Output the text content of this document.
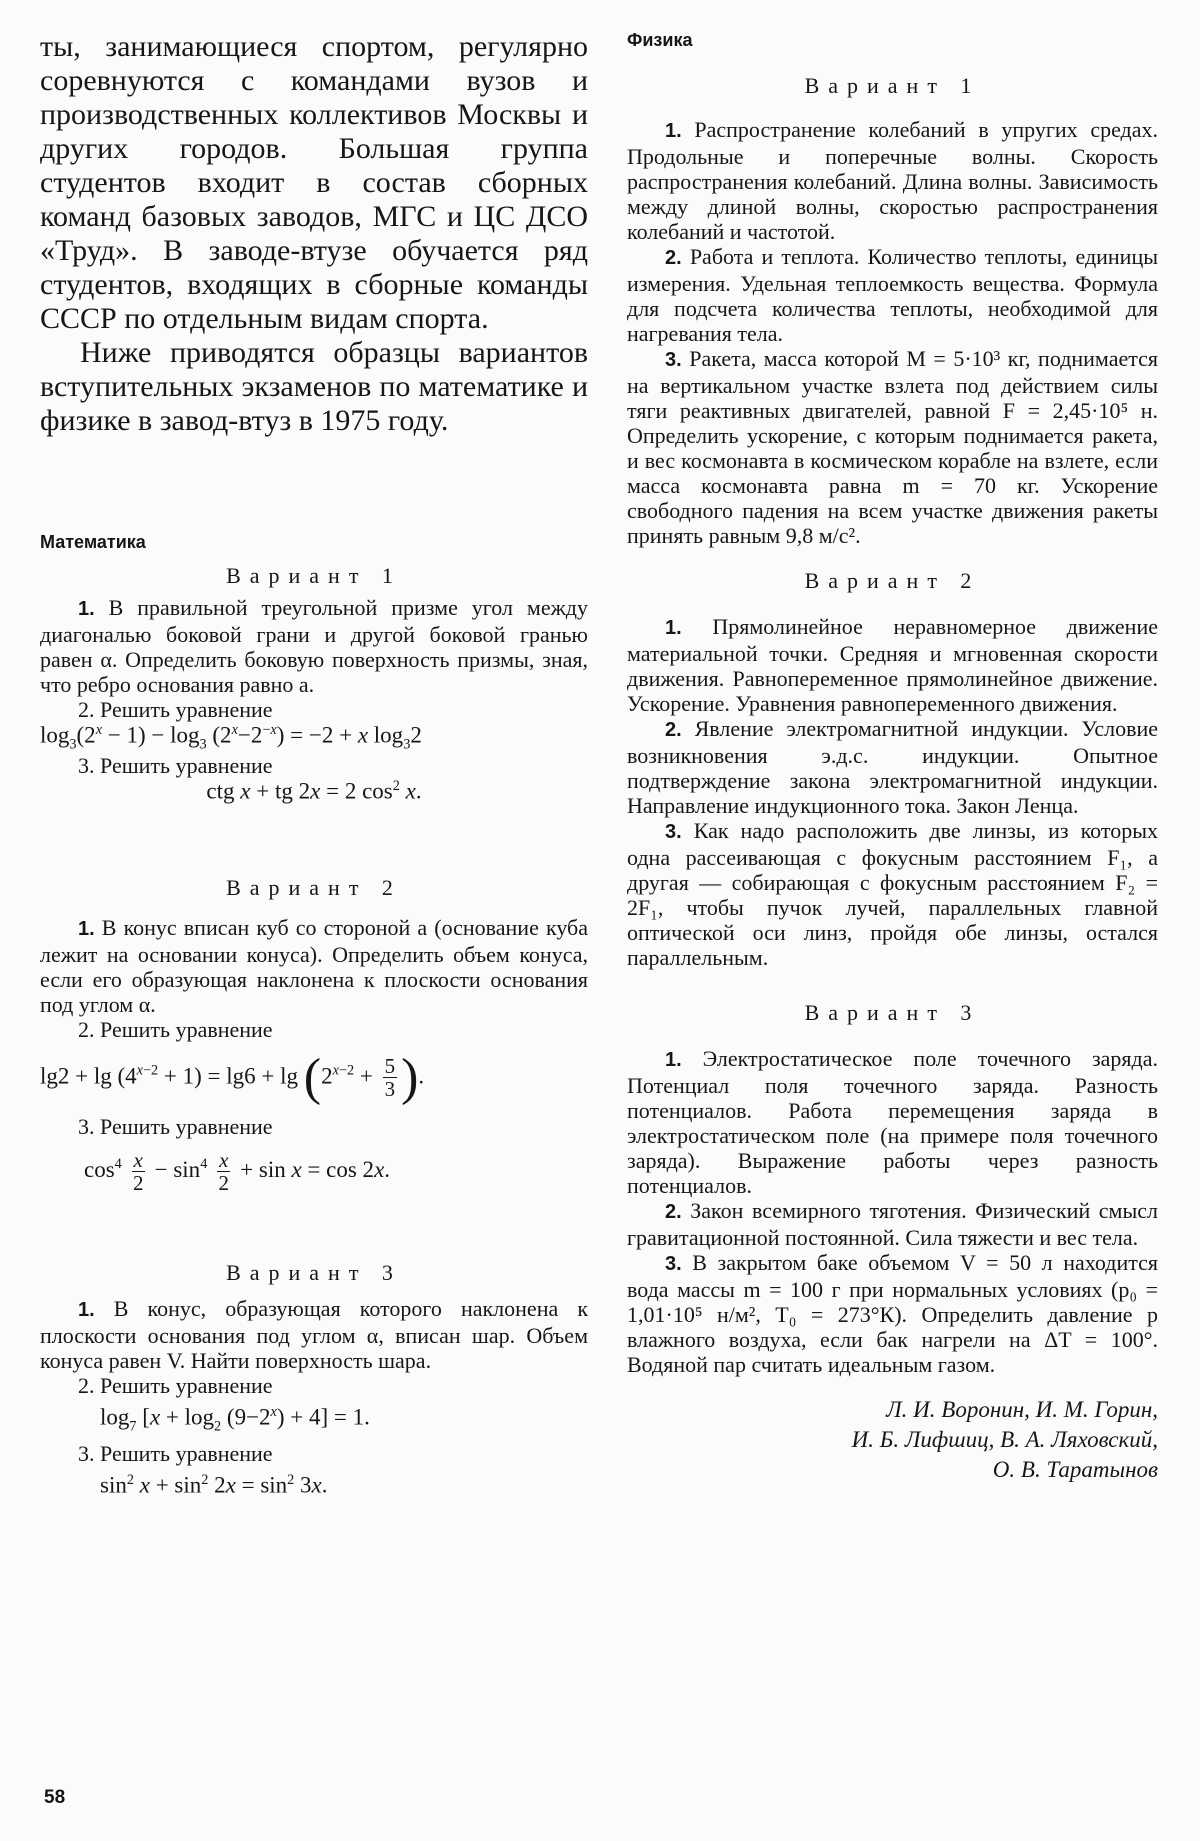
ты, занимающиеся спортом, регулярно соревнуются с командами вузов и производственных коллективов Москвы и других городов. Большая группа студентов входит в состав сборных команд базовых заводов, МГС и ЦС ДСО «Труд». В заводе-втузе обучается ряд студентов, входящих в сборные команды СССР по отдельным видам спорта.

Ниже приводятся образцы вариантов вступительных экзаменов по математике и физике в завод-втуз в 1975 году.

Математика

Вариант 1

1. В правильной треугольной призме угол между диагональю боковой грани и другой боковой гранью равен α. Определить боковую поверхность призмы, зная, что ребро основания равно a.

2. Решить уравнение

$\log_3(2^x - 1) - \log_3 (2^x-2^{-x}) = -2 + x$ $\log_32$

3. Решить уравнение

ctg x + tg 2x = 2 $\cos^2 x$.

Вариант 2

1. В конус вписан куб со стороной a (основание куба лежит на основании конуса). Определить объем конуса, если его образующая наклонена к плоскости основания под углом α.

2. Решить уравнение

$\lg 2 + \lg (4^{x-2} + 1) = \lg 6 + \lg (2^{x-2} + \frac{5}{3}$ ).

3. Решить уравнение

$\cos^4 \frac{x}{2} - \sin^4 \frac{x}{2} + \sin x = \cos 2x$.

Вариант 3

1. В конус, образующая которого наклонена к плоскости основания под углом α, вписан шар. Объем конуса равен V. Найти поверхность шара.

2. Решить уравнение

$\log_7 [x + \log_2 (9-2^x) + 4] = 1$.

3. Решить уравнение

$\sin^2 x + \sin^2 2x = \sin^2 3x$.

Физика

Вариант 1

1. Распространение колебаний в упругих средах. Продольные и поперечные волны. Скорость распространения колебаний. Длина волны. Зависимость между длиной волны, скоростью распространения колебаний и частотой.

2. Работа и теплота. Количество теплоты, единицы измерения. Удельная теплоемкость вещества. Формула для подсчета количества теплоты, необходимой для нагревания тела.

3. Ракета, масса которой M = 5·10³ кг, поднимается на вертикальном участке взлета под действием силы тяги реактивных двигателей, равной F = 2,45·10⁵ н. Определить ускорение, с которым поднимается ракета, и вес космонавта в космическом корабле на взлете, если масса космонавта равна m = 70 кг. Ускорение свободного падения на всем участке движения ракеты принять равным 9,8 м/с².

Вариант 2

1. Прямолинейное неравномерное движение материальной точки. Средняя и мгновенная скорости движения. Равнопеременное прямолинейное движение. Ускорение. Уравнения равнопеременного движения.

2. Явление электромагнитной индукции. Условие возникновения э.д.с. индукции. Опытное подтверждение закона электромагнитной индукции. Направление индукционного тока. Закон Ленца.

3. Как надо расположить две линзы, из которых одна рассеивающая с фокусным расстоянием F₁, а другая — собирающая с фокусным расстоянием F₂ = 2F₁, чтобы пучок лучей, параллельных главной оптической оси линз, пройдя обе линзы, остался параллельным.

Вариант 3

1. Электростатическое поле точечного заряда. Потенциал поля точечного заряда. Разность потенциалов. Работа перемещения заряда в электростатическом поле (на примере поля точечного заряда). Выражение работы через разность потенциалов.

2. Закон всемирного тяготения. Физический смысл гравитационной постоянной. Сила тяжести и вес тела.

3. В закрытом баке объемом V = 50 л находится вода массы m = 100 г при нормальных условиях (p₀ = 1,01·10⁵ н/м², T₀ = 273°К). Определить давление p влажного воздуха, если бак нагрели на ΔT = 100°. Водяной пар считать идеальным газом.

Л. И. Воронин, И. М. Горин,

И. Б. Лифшиц, В. А. Ляховский,

О. В. Таратынов

58
